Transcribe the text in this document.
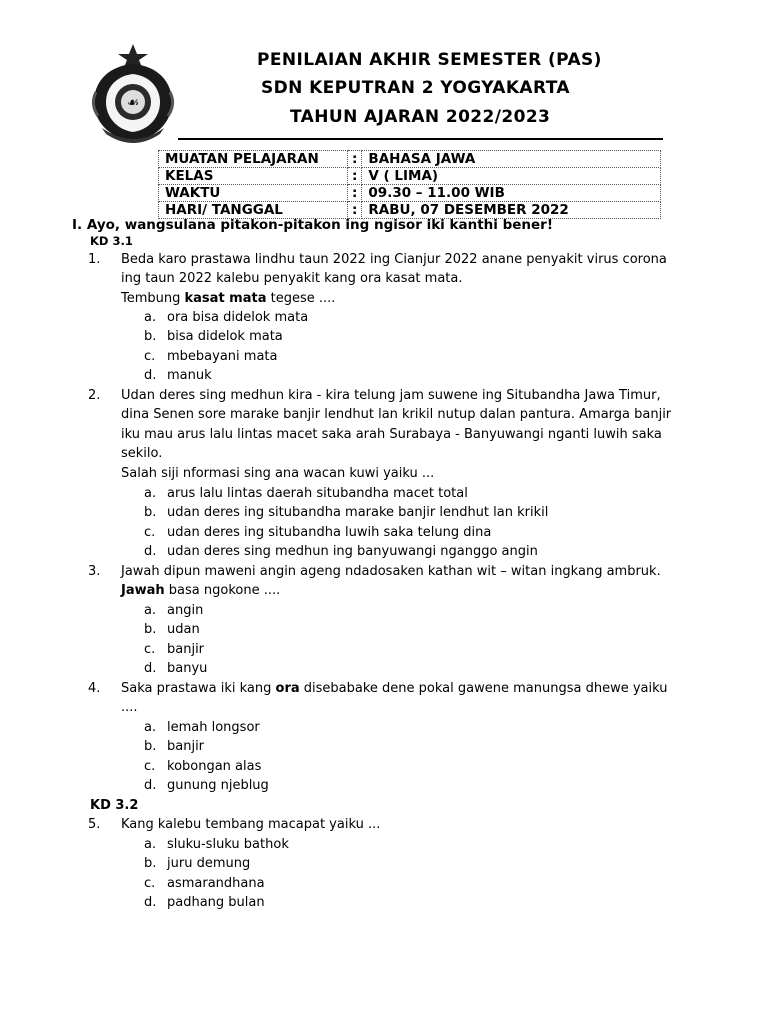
☙
PENILAIAN AKHIR SEMESTER (PAS)
SDN KEPUTRAN 2 YOGYAKARTA
TAHUN AJARAN 2022/2023
MUATAN PELAJARAN	:	BAHASA JAWA
KELAS	:	V ( LIMA)
WAKTU	:	09.30 – 11.00 WIB
HARI/ TANGGAL	:	RABU, 07 DESEMBER 2022
I. Ayo, wangsulana pitakon-pitakon ing ngisor iki kanthi bener!
KD 3.1
1. Beda karo prastawa lindhu taun 2022 ing Cianjur 2022 anane penyakit virus corona
ing taun 2022 kalebu penyakit kang ora kasat mata.
Tembung kasat mata tegese ....
a. ora bisa didelok mata
b. bisa didelok mata
c. mbebayani mata
d. manuk
2. Udan deres sing medhun kira - kira telung jam suwene ing Situbandha Jawa Timur,
dina Senen sore marake banjir lendhut lan krikil nutup dalan pantura. Amarga banjir
iku mau arus lalu lintas macet saka arah Surabaya - Banyuwangi nganti luwih saka
sekilo.
Salah siji nformasi sing ana wacan kuwi yaiku ...
a. arus lalu lintas daerah situbandha macet total
b. udan deres ing situbandha marake banjir lendhut lan krikil
c. udan deres ing situbandha luwih saka telung dina
d. udan deres sing medhun ing banyuwangi nganggo angin
3. Jawah dipun maweni angin ageng ndadosaken kathan wit – witan ingkang ambruk.
Jawah basa ngokone ....
a. angin
b. udan
c. banjir
d. banyu
4. Saka prastawa iki kang ora disebabake dene pokal gawene manungsa dhewe yaiku
....
a. lemah longsor
b. banjir
c. kobongan alas
d. gunung njeblug
KD 3.2
5. Kang kalebu tembang macapat yaiku ...
a. sluku-sluku bathok
b. juru demung
c. asmarandhana
d. padhang bulan
